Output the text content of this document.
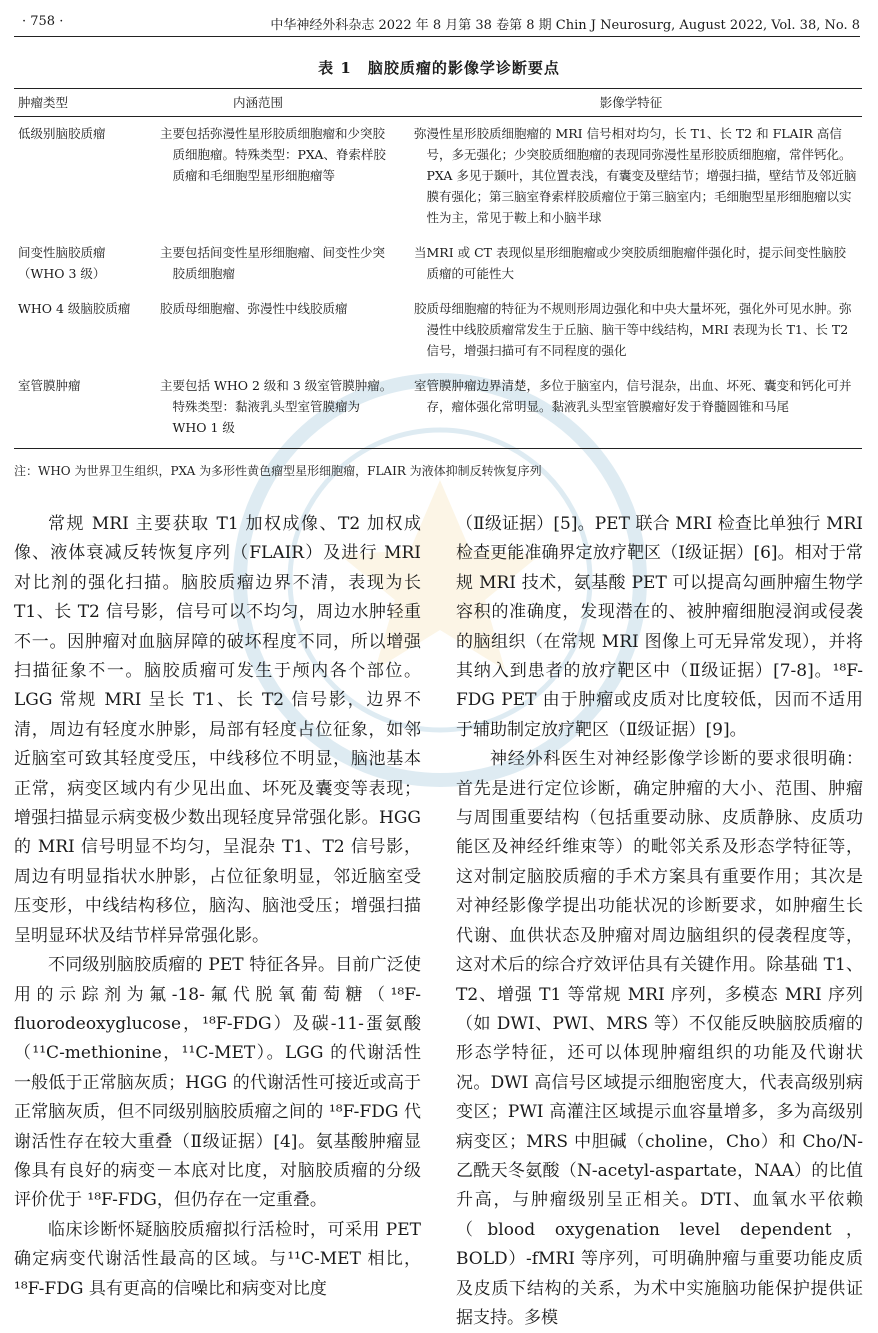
· 758 ·	中华神经外科杂志 2022 年 8 月第 38 卷第 8 期 Chin J Neurosurg, August 2022, Vol. 38, No. 8
表 1　脑胶质瘤的影像学诊断要点
肿瘤类型	内涵范围	影像学特征
低级别脑胶质瘤	主要包括弥漫性星形胶质细胞瘤和少突胶质细胞瘤。特殊类型：PXA、脊索样胶质瘤和毛细胞型星形细胞瘤等	弥漫性星形胶质细胞瘤的 MRI 信号相对均匀，长 T1、长 T2 和 FLAIR 高信号，多无强化；少突胶质细胞瘤的表现同弥漫性星形胶质细胞瘤，常伴钙化。PXA 多见于颞叶，其位置表浅，有囊变及壁结节；增强扫描，壁结节及邻近脑膜有强化；第三脑室脊索样胶质瘤位于第三脑室内；毛细胞型星形细胞瘤以实性为主，常见于鞍上和小脑半球

间变性脑胶质瘤
（WHO 3 级）	主要包括间变性星形细胞瘤、间变性少突胶质细胞瘤	当MRI 或 CT 表现似星形细胞瘤或少突胶质细胞瘤伴强化时，提示间变性脑胶质瘤的可能性大

WHO 4 级脑胶质瘤	胶质母细胞瘤、弥漫性中线胶质瘤	胶质母细胞瘤的特征为不规则形周边强化和中央大量坏死，强化外可见水肿。弥漫性中线胶质瘤常发生于丘脑、脑干等中线结构，MRI 表现为长 T1、长 T2 信号，增强扫描可有不同程度的强化

室管膜肿瘤	主要包括 WHO 2 级和 3 级室管膜肿瘤。特殊类型：黏液乳头型室管膜瘤为 WHO 1 级	室管膜肿瘤边界清楚，多位于脑室内，信号混杂，出血、坏死、囊变和钙化可并存，瘤体强化常明显。黏液乳头型室管膜瘤好发于脊髓圆锥和马尾
注：WHO 为世界卫生组织，PXA 为多形性黄色瘤型星形细胞瘤，FLAIR 为液体抑制反转恢复序列

常规 MRI 主要获取 T1 加权成像、T2 加权成像、液体衰减反转恢复序列（FLAIR）及进行 MRI 对比剂的强化扫描。脑胶质瘤边界不清，表现为长 T1、长 T2 信号影，信号可以不均匀，周边水肿轻重不一。因肿瘤对血脑屏障的破坏程度不同，所以增强扫描征象不一。脑胶质瘤可发生于颅内各个部位。LGG 常规 MRI 呈长 T1、长 T2 信号影，边界不清，周边有轻度水肿影，局部有轻度占位征象，如邻近脑室可致其轻度受压，中线移位不明显，脑池基本正常，病变区域内有少见出血、坏死及囊变等表现；增强扫描显示病变极少数出现轻度异常强化影。HGG 的 MRI 信号明显不均匀，呈混杂 T1、T2 信号影，周边有明显指状水肿影，占位征象明显，邻近脑室受压变形，中线结构移位，脑沟、脑池受压；增强扫描呈明显环状及结节样异常强化影。

不同级别脑胶质瘤的 PET 特征各异。目前广泛使用的示踪剂为氟-18-氟代脱氧葡萄糖（¹⁸F-fluorodeoxyglucose，¹⁸F-FDG）及碳-11-蛋氨酸（¹¹C-methionine，¹¹C-MET）。LGG 的代谢活性一般低于正常脑灰质；HGG 的代谢活性可接近或高于正常脑灰质，但不同级别脑胶质瘤之间的 ¹⁸F-FDG 代谢活性存在较大重叠（Ⅱ级证据）[4]。氨基酸肿瘤显像具有良好的病变－本底对比度，对脑胶质瘤的分级评价优于 ¹⁸F-FDG，但仍存在一定重叠。

临床诊断怀疑脑胶质瘤拟行活检时，可采用 PET 确定病变代谢活性最高的区域。与¹¹C-MET 相比，¹⁸F-FDG 具有更高的信噪比和病变对比度

（Ⅱ级证据）[5]。PET 联合 MRI 检查比单独行 MRI 检查更能准确界定放疗靶区（Ⅰ级证据）[6]。相对于常规 MRI 技术，氨基酸 PET 可以提高勾画肿瘤生物学容积的准确度，发现潜在的、被肿瘤细胞浸润或侵袭的脑组织（在常规 MRI 图像上可无异常发现），并将其纳入到患者的放疗靶区中（Ⅱ级证据）[7-8]。¹⁸F-FDG PET 由于肿瘤或皮质对比度较低，因而不适用于辅助制定放疗靶区（Ⅱ级证据）[9]。

神经外科医生对神经影像学诊断的要求很明确：首先是进行定位诊断，确定肿瘤的大小、范围、肿瘤与周围重要结构（包括重要动脉、皮质静脉、皮质功能区及神经纤维束等）的毗邻关系及形态学特征等，这对制定脑胶质瘤的手术方案具有重要作用；其次是对神经影像学提出功能状况的诊断要求，如肿瘤生长代谢、血供状态及肿瘤对周边脑组织的侵袭程度等，这对术后的综合疗效评估具有关键作用。除基础 T1、T2、增强 T1 等常规 MRI 序列，多模态 MRI 序列（如 DWI、PWI、MRS 等）不仅能反映脑胶质瘤的形态学特征，还可以体现肿瘤组织的功能及代谢状况。DWI 高信号区域提示细胞密度大，代表高级别病变区；PWI 高灌注区域提示血容量增多，多为高级别病变区；MRS 中胆碱（choline，Cho）和 Cho/N-乙酰天冬氨酸（N-acetyl-aspartate，NAA）的比值升高，与肿瘤级别呈正相关。DTI、血氧水平依赖（blood oxygenation level dependent，BOLD）-fMRI 等序列，可明确肿瘤与重要功能皮质及皮质下结构的关系，为术中实施脑功能保护提供证据支持。多模
